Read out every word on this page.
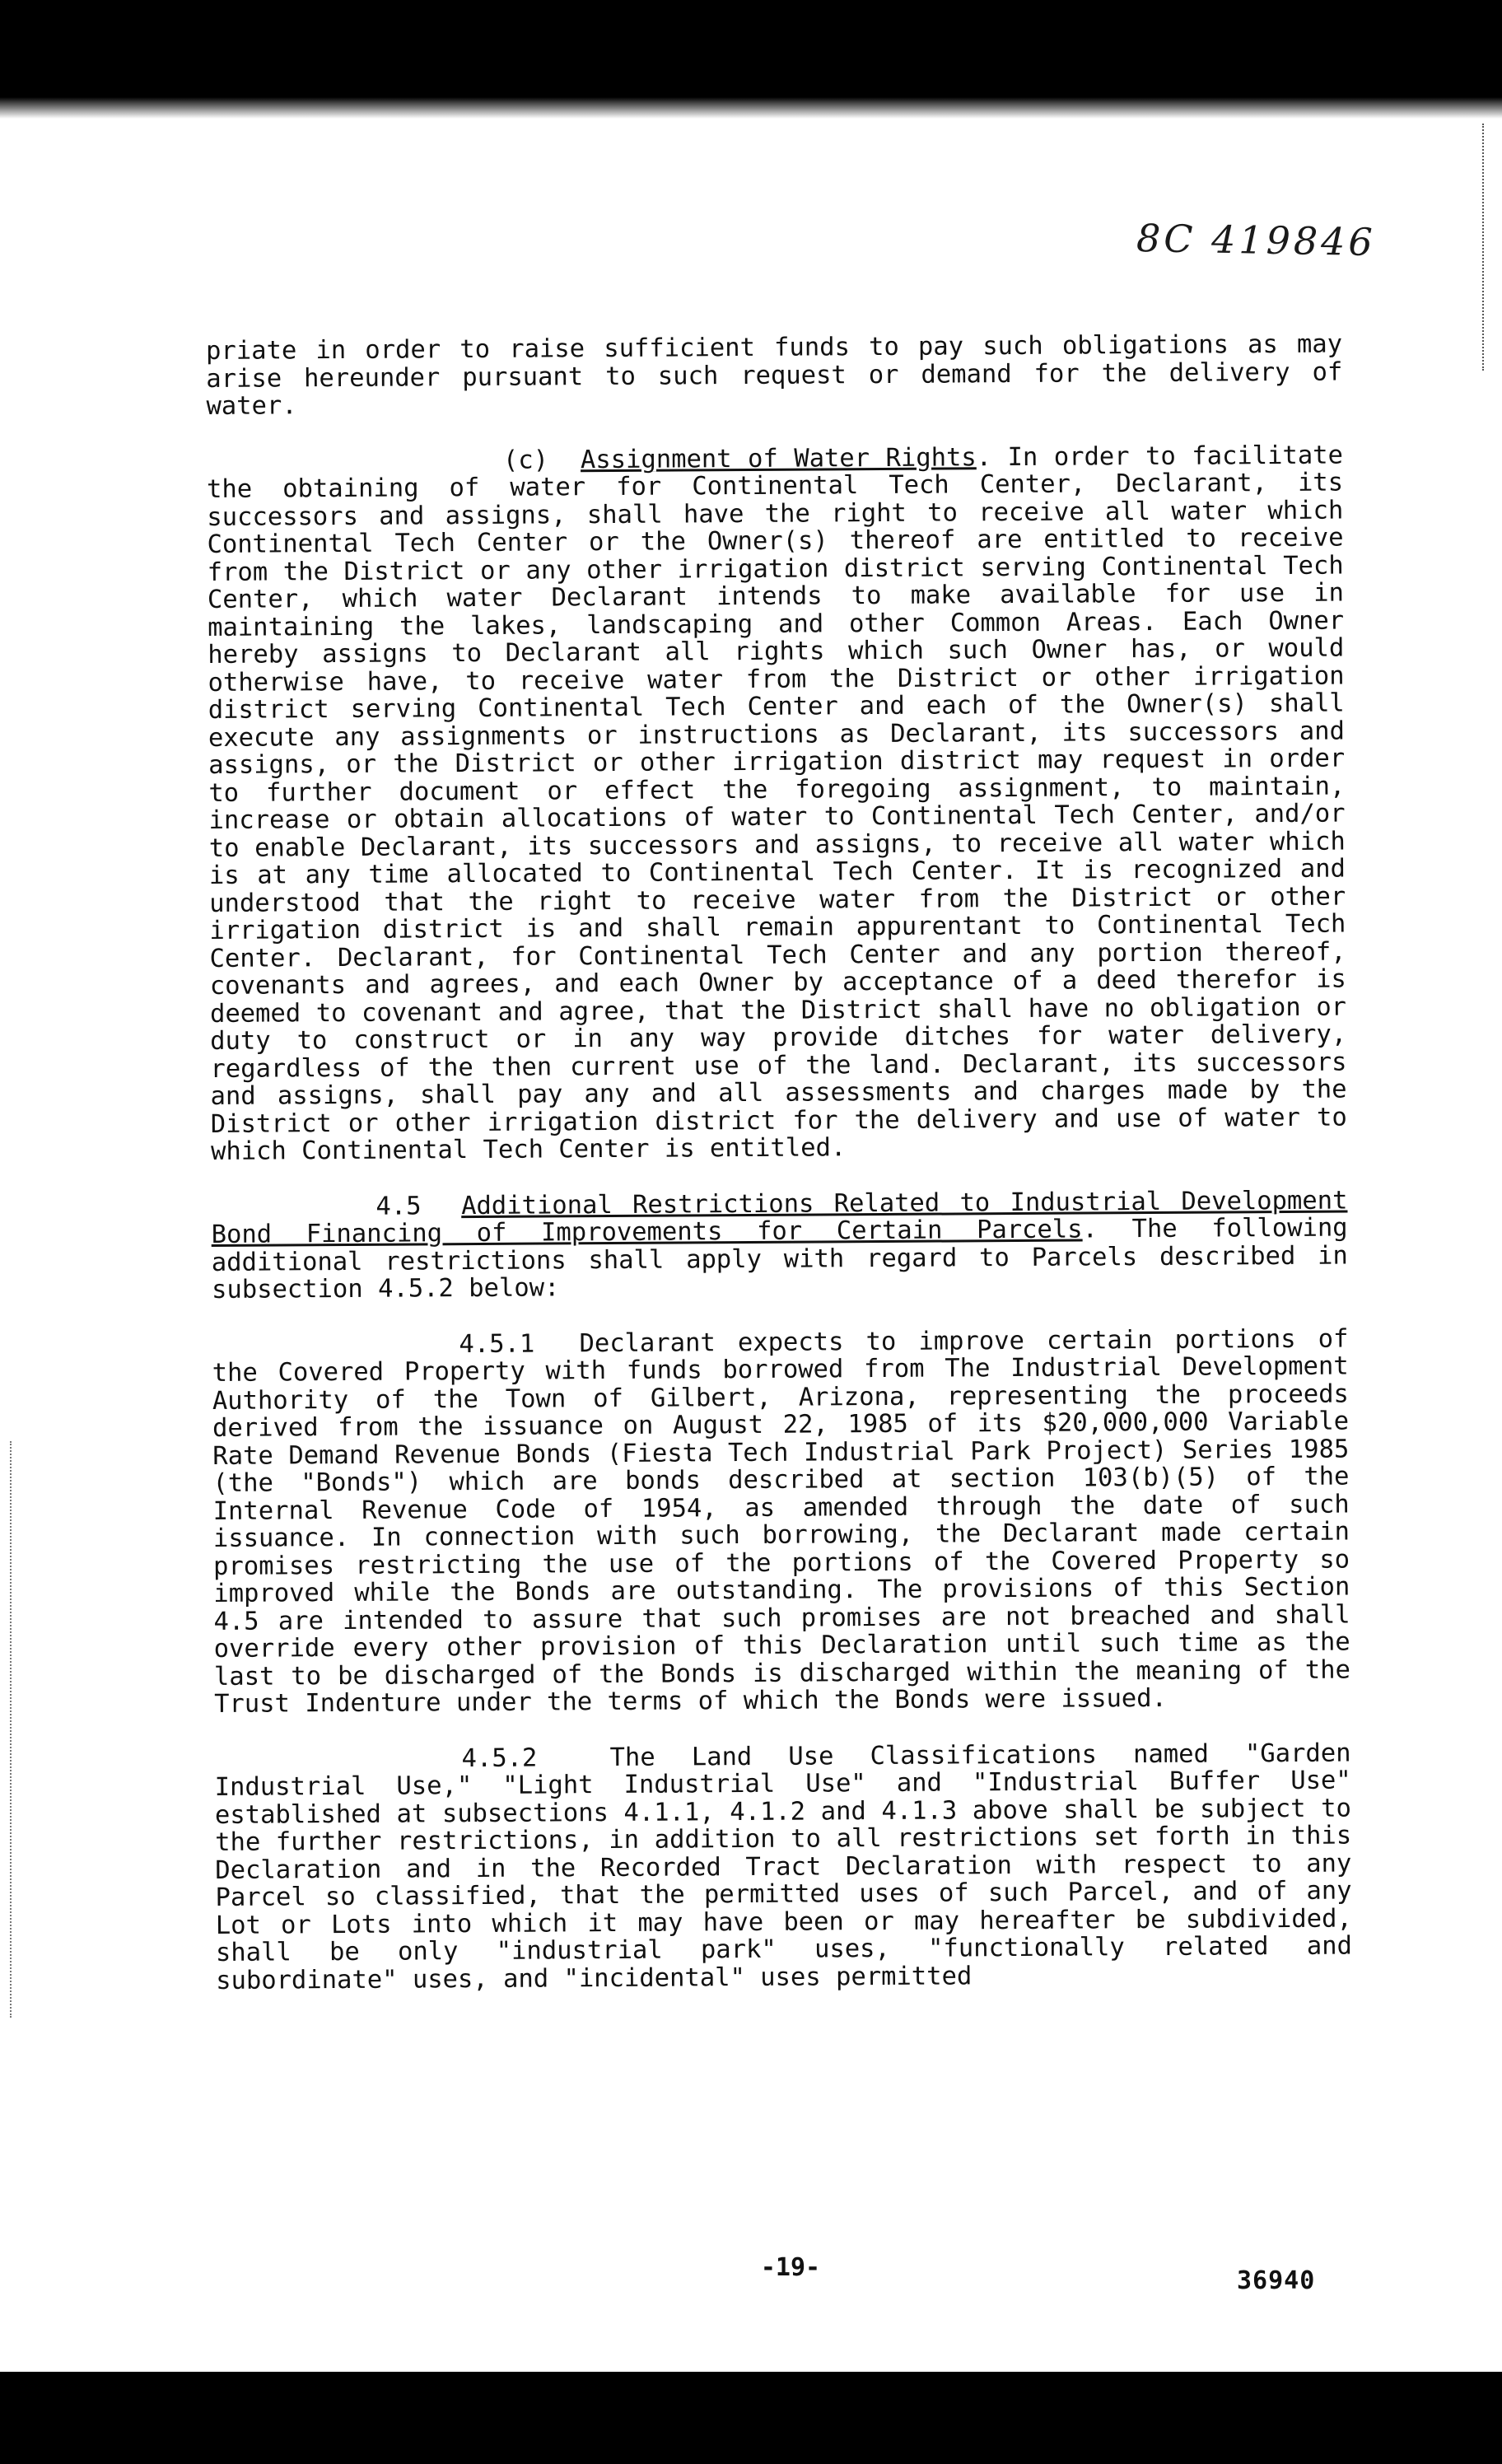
8C 419846

priate in order to raise sufficient funds to pay such obligations as may arise hereunder pursuant to such request or demand for the delivery of water.

(c) Assignment of Water Rights. In order to facilitate the obtaining of water for Continental Tech Center, Declarant, its successors and assigns, shall have the right to receive all water which Continental Tech Center or the Owner(s) thereof are entitled to receive from the District or any other irrigation district serving Continental Tech Center, which water Declarant intends to make available for use in maintaining the lakes, landscaping and other Common Areas. Each Owner hereby assigns to Declarant all rights which such Owner has, or would otherwise have, to receive water from the District or other irrigation district serving Continental Tech Center and each of the Owner(s) shall execute any assignments or instructions as Declarant, its successors and assigns, or the District or other irrigation district may request in order to further document or effect the foregoing assignment, to maintain, increase or obtain allocations of water to Continental Tech Center, and/or to enable Declarant, its successors and assigns, to receive all water which is at any time allocated to Continental Tech Center. It is recognized and understood that the right to receive water from the District or other irrigation district is and shall remain appurentant to Continental Tech Center. Declarant, for Continental Tech Center and any portion thereof, covenants and agrees, and each Owner by acceptance of a deed therefor is deemed to covenant and agree, that the District shall have no obligation or duty to construct or in any way provide ditches for water delivery, regardless of the then current use of the land. Declarant, its successors and assigns, shall pay any and all assessments and charges made by the District or other irrigation district for the delivery and use of water to which Continental Tech Center is entitled.

4.5 Additional Restrictions Related to Industrial Development Bond Financing of Improvements for Certain Parcels. The following additional restrictions shall apply with regard to Parcels described in subsection 4.5.2 below:

4.5.1 Declarant expects to improve certain portions of the Covered Property with funds borrowed from The Industrial Development Authority of the Town of Gilbert, Arizona, representing the proceeds derived from the issuance on August 22, 1985 of its $20,000,000 Variable Rate Demand Revenue Bonds (Fiesta Tech Industrial Park Project) Series 1985 (the "Bonds") which are bonds described at section 103(b)(5) of the Internal Revenue Code of 1954, as amended through the date of such issuance. In connection with such borrowing, the Declarant made certain promises restricting the use of the portions of the Covered Property so improved while the Bonds are outstanding. The provisions of this Section 4.5 are intended to assure that such promises are not breached and shall override every other provision of this Declaration until such time as the last to be discharged of the Bonds is discharged within the meaning of the Trust Indenture under the terms of which the Bonds were issued.

4.5.2	The Land Use Classifications named "Garden Industrial Use," "Light Industrial Use" and "Industrial Buffer Use" established at subsections 4.1.1, 4.1.2 and 4.1.3 above shall be subject to the further restrictions, in addition to all restrictions set forth in this Declaration and in the Recorded Tract Declaration with respect to any Parcel so classified, that the permitted uses of such Parcel, and of any Lot or Lots into which it may have been or may hereafter be subdivided, shall be only "industrial park" uses, "functionally related and subordinate" uses, and "incidental" uses permitted

-19-	36940
